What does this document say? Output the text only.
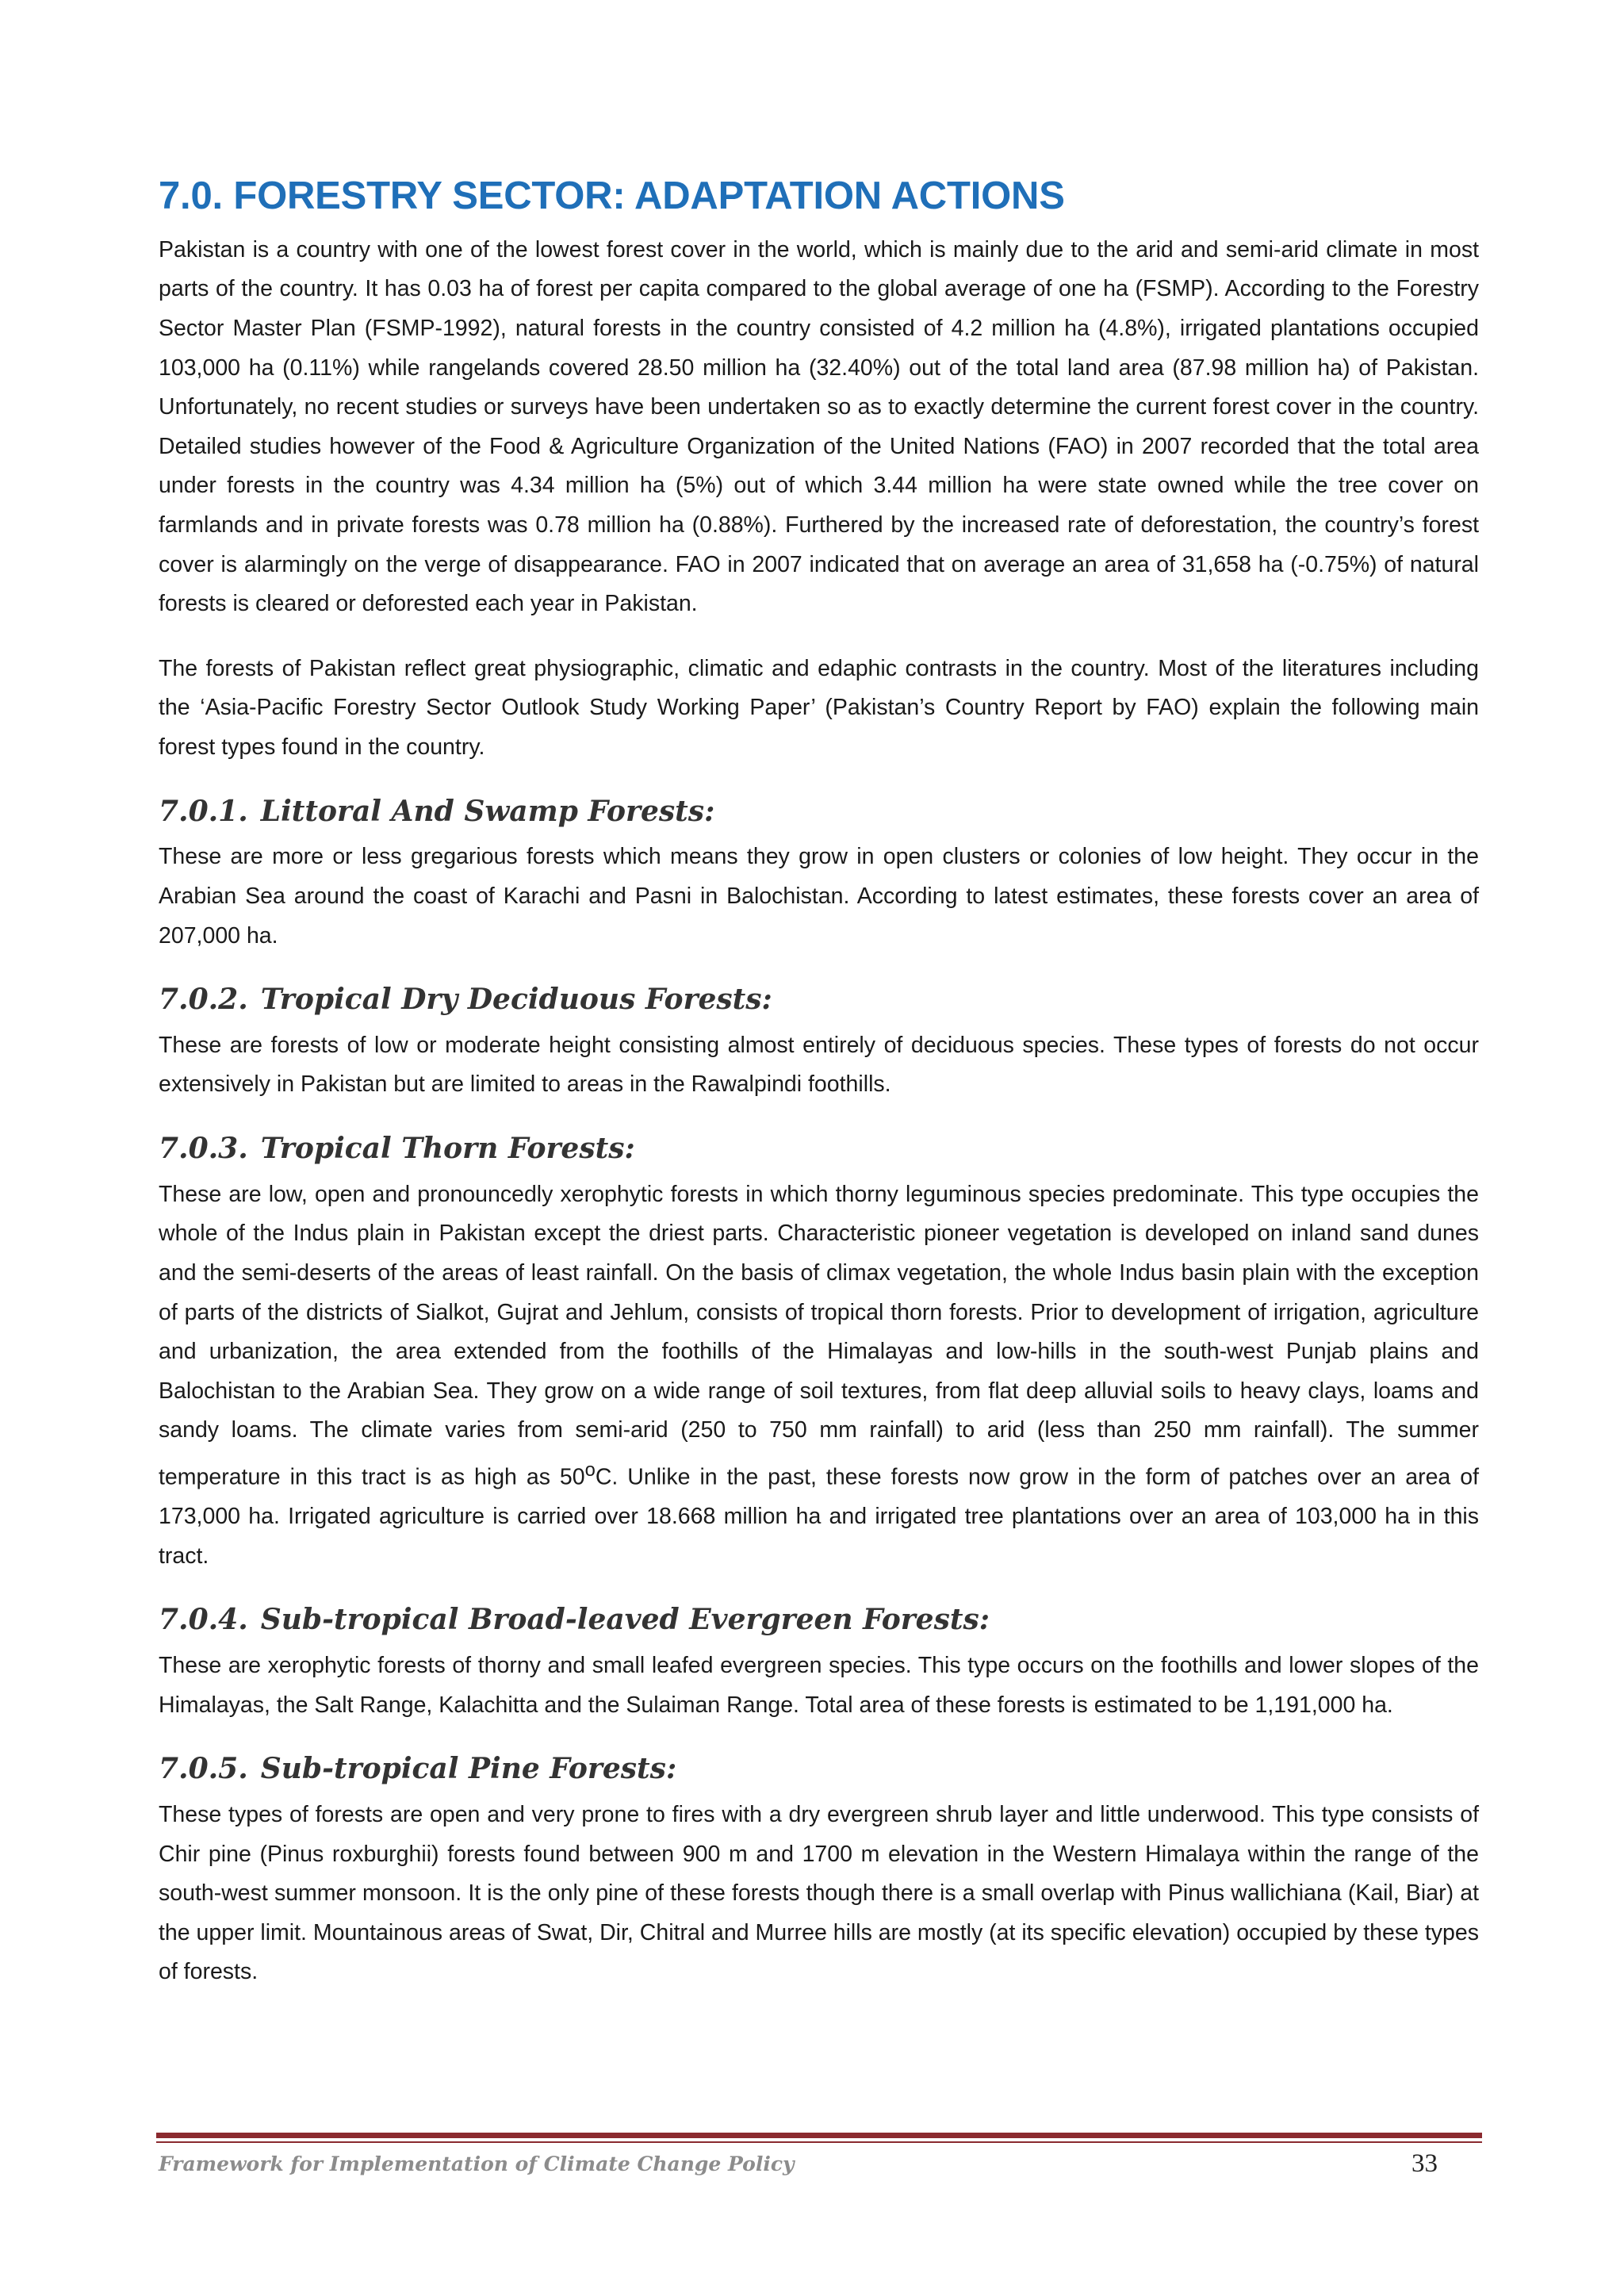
7.0. FORESTRY SECTOR: ADAPTATION ACTIONS

Pakistan is a country with one of the lowest forest cover in the world, which is mainly due to the arid and semi-arid climate in most parts of the country. It has 0.03 ha of forest per capita compared to the global average of one ha (FSMP). According to the Forestry Sector Master Plan (FSMP-1992), natural forests in the country consisted of 4.2 million ha (4.8%), irrigated plantations occupied 103,000 ha (0.11%) while rangelands covered 28.50 million ha (32.40%) out of the total land area (87.98 million ha) of Pakistan. Unfortunately, no recent studies or surveys have been undertaken so as to exactly determine the current forest cover in the country. Detailed studies however of the Food & Agriculture Organization of the United Nations (FAO) in 2007 recorded that the total area under forests in the country was 4.34 million ha (5%) out of which 3.44 million ha were state owned while the tree cover on farmlands and in private forests was 0.78 million ha (0.88%). Furthered by the increased rate of deforestation, the country’s forest cover is alarmingly on the verge of disappearance. FAO in 2007 indicated that on average an area of 31,658 ha (-0.75%) of natural forests is cleared or deforested each year in Pakistan.

The forests of Pakistan reflect great physiographic, climatic and edaphic contrasts in the country. Most of the literatures including the ‘Asia-Pacific Forestry Sector Outlook Study Working Paper’ (Pakistan’s Country Report by FAO) explain the following main forest types found in the country.

7.0.1. Littoral And Swamp Forests:

These are more or less gregarious forests which means they grow in open clusters or colonies of low height. They occur in the Arabian Sea around the coast of Karachi and Pasni in Balochistan. According to latest estimates, these forests cover an area of 207,000 ha.

7.0.2. Tropical Dry Deciduous Forests:

These are forests of low or moderate height consisting almost entirely of deciduous species. These types of forests do not occur extensively in Pakistan but are limited to areas in the Rawalpindi foothills.

7.0.3. Tropical Thorn Forests:

These are low, open and pronouncedly xerophytic forests in which thorny leguminous species predominate. This type occupies the whole of the Indus plain in Pakistan except the driest parts. Characteristic pioneer vegetation is developed on inland sand dunes and the semi-deserts of the areas of least rainfall. On the basis of climax vegetation, the whole Indus basin plain with the exception of parts of the districts of Sialkot, Gujrat and Jehlum, consists of tropical thorn forests. Prior to development of irrigation, agriculture and urbanization, the area extended from the foothills of the Himalayas and low-hills in the south-west Punjab plains and Balochistan to the Arabian Sea. They grow on a wide range of soil textures, from flat deep alluvial soils to heavy clays, loams and sandy loams. The climate varies from semi-arid (250 to 750 mm rainfall) to arid (less than 250 mm rainfall). The summer temperature in this tract is as high as 50$^o$C. Unlike in the past, these forests now grow in the form of patches over an area of 173,000 ha. Irrigated agriculture is carried over 18.668 million ha and irrigated tree plantations over an area of 103,000 ha in this tract.

7.0.4. Sub-tropical Broad-leaved Evergreen Forests:

These are xerophytic forests of thorny and small leafed evergreen species. This type occurs on the foothills and lower slopes of the Himalayas, the Salt Range, Kalachitta and the Sulaiman Range. Total area of these forests is estimated to be 1,191,000 ha.

7.0.5. Sub-tropical Pine Forests:

These types of forests are open and very prone to fires with a dry evergreen shrub layer and little underwood. This type consists of Chir pine (Pinus roxburghii) forests found between 900 m and 1700 m elevation in the Western Himalaya within the range of the south-west summer monsoon. It is the only pine of these forests though there is a small overlap with Pinus wallichiana (Kail, Biar) at the upper limit. Mountainous areas of Swat, Dir, Chitral and Murree hills are mostly (at its specific elevation) occupied by these types of forests.

Framework for Implementation of Climate Change Policy	33
